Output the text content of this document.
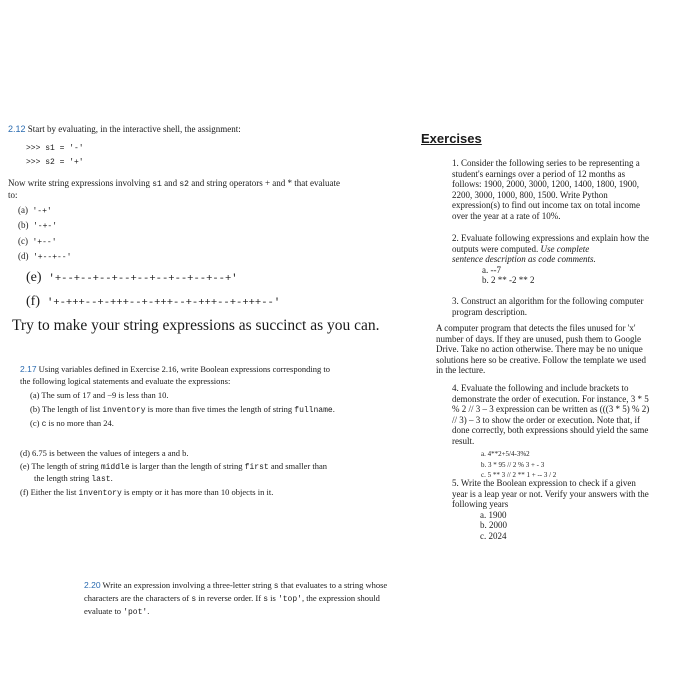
2.12 Start by evaluating, in the interactive shell, the assignment:
>>> s1 = '-'
>>> s2 = '+'
Now write string expressions involving s1 and s2 and string operators + and * that evaluate
to:
(a) '-+'
(b) '-+-'
(c) '+--'
(d) '+--+--'
(e) '+--+--+--+--+--+--+--+--+--+'
(f) '+-+++--+-+++--+-+++--+-+++--+-+++--'
Try to make your string expressions as succinct as you can.
2.17 Using variables defined in Exercise 2.16, write Boolean expressions corresponding to
the following logical statements and evaluate the expressions:
(a) The sum of 17 and −9 is less than 10.
(b) The length of list inventory is more than five times the length of string fullname.
(c) c is no more than 24.
(d) 6.75 is between the values of integers a and b.
(e) The length of string middle is larger than the length of string first and smaller than
the length string last.
(f) Either the list inventory is empty or it has more than 10 objects in it.
2.20 Write an expression involving a three-letter string s that evaluates to a string whose
characters are the characters of s in reverse order. If s is 'top', the expression should
evaluate to 'pot'.
Exercises
1. Consider the following series to be representing a
student's earnings over a period of 12 months as
follows: 1900, 2000, 3000, 1200, 1400, 1800, 1900,
2200, 3000, 1000, 800, 1500. Write Python
expression(s) to find out income tax on total income
over the year at a rate of 10%.
2. Evaluate following expressions and explain how the
outputs were computed. Use complete
sentence description as code comments.
a. --7
b. 2 ** -2 ** 2
3. Construct an algorithm for the following computer
program description.
A computer program that detects the files unused for 'x'
number of days. If they are unused, push them to Google
Drive. Take no action otherwise. There may be no unique
solutions here so be creative. Follow the template we used
in the lecture.
4. Evaluate the following and include brackets to
demonstrate the order of execution. For instance, 3 * 5
% 2 // 3 – 3 expression can be written as (((3 * 5) % 2)
// 3) – 3 to show the order or execution. Note that, if
done correctly, both expressions should yield the same
result.
a. 4**2+5/4-3%2
b. 3 * 95 // 2 % 3 + - 3
c. 5 ** 3 // 2 ** 1 + -- 3 / 2
5. Write the Boolean expression to check if a given
year is a leap year or not. Verify your answers with the
following years
a. 1900
b. 2000
c. 2024
